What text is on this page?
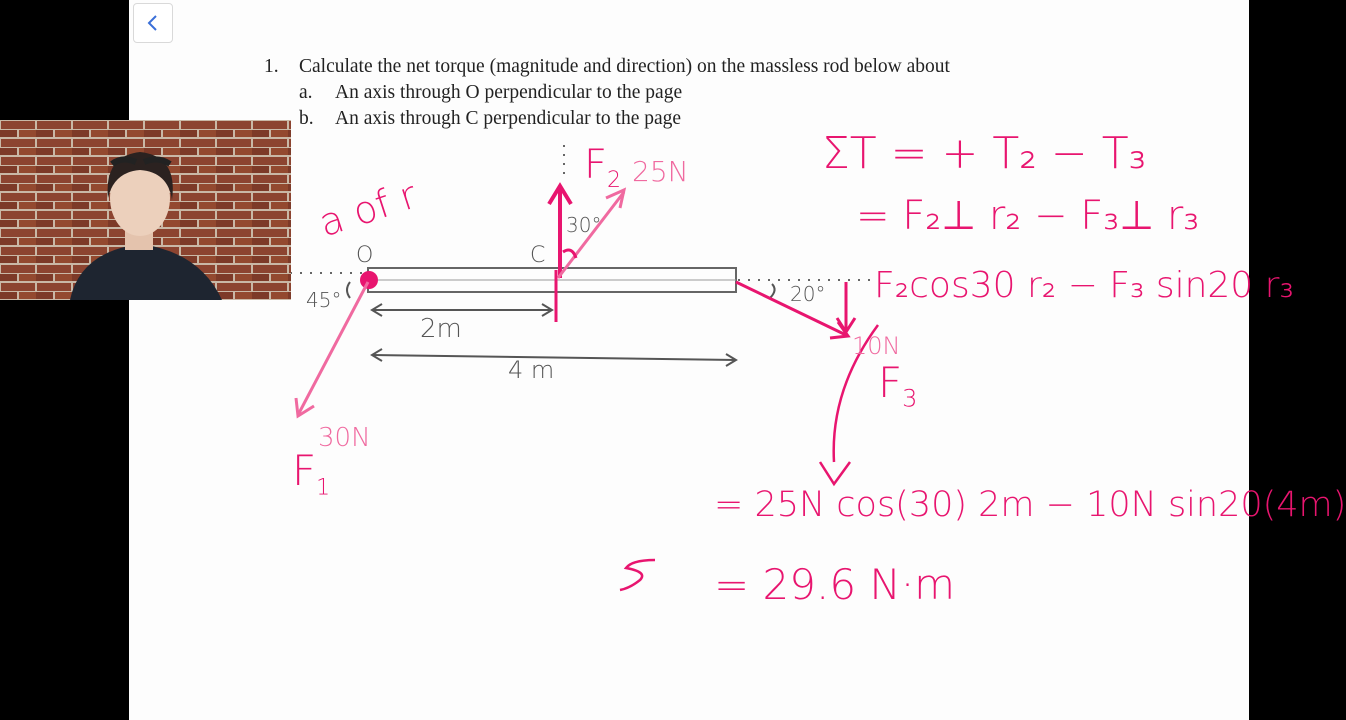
1. Calculate the net torque (magnitude and direction) on the massless rod below about
a. An axis through O perpendicular to the page
b. An axis through C perpendicular to the page
O	C
45°
30°
20°
2m
4 m
a of r
$F_2$ 25N
$F_1$
30N
10N
$F_3$
ΣΤ = + Τ₂ − Τ₃
= F₂⊥ r₂ − F₃⊥ r₃
F₂cos30 r₂ − F₃ sin20 r₃
= 25N cos(30) 2m − 10N sin20(4m)
= 29.6 N·m
